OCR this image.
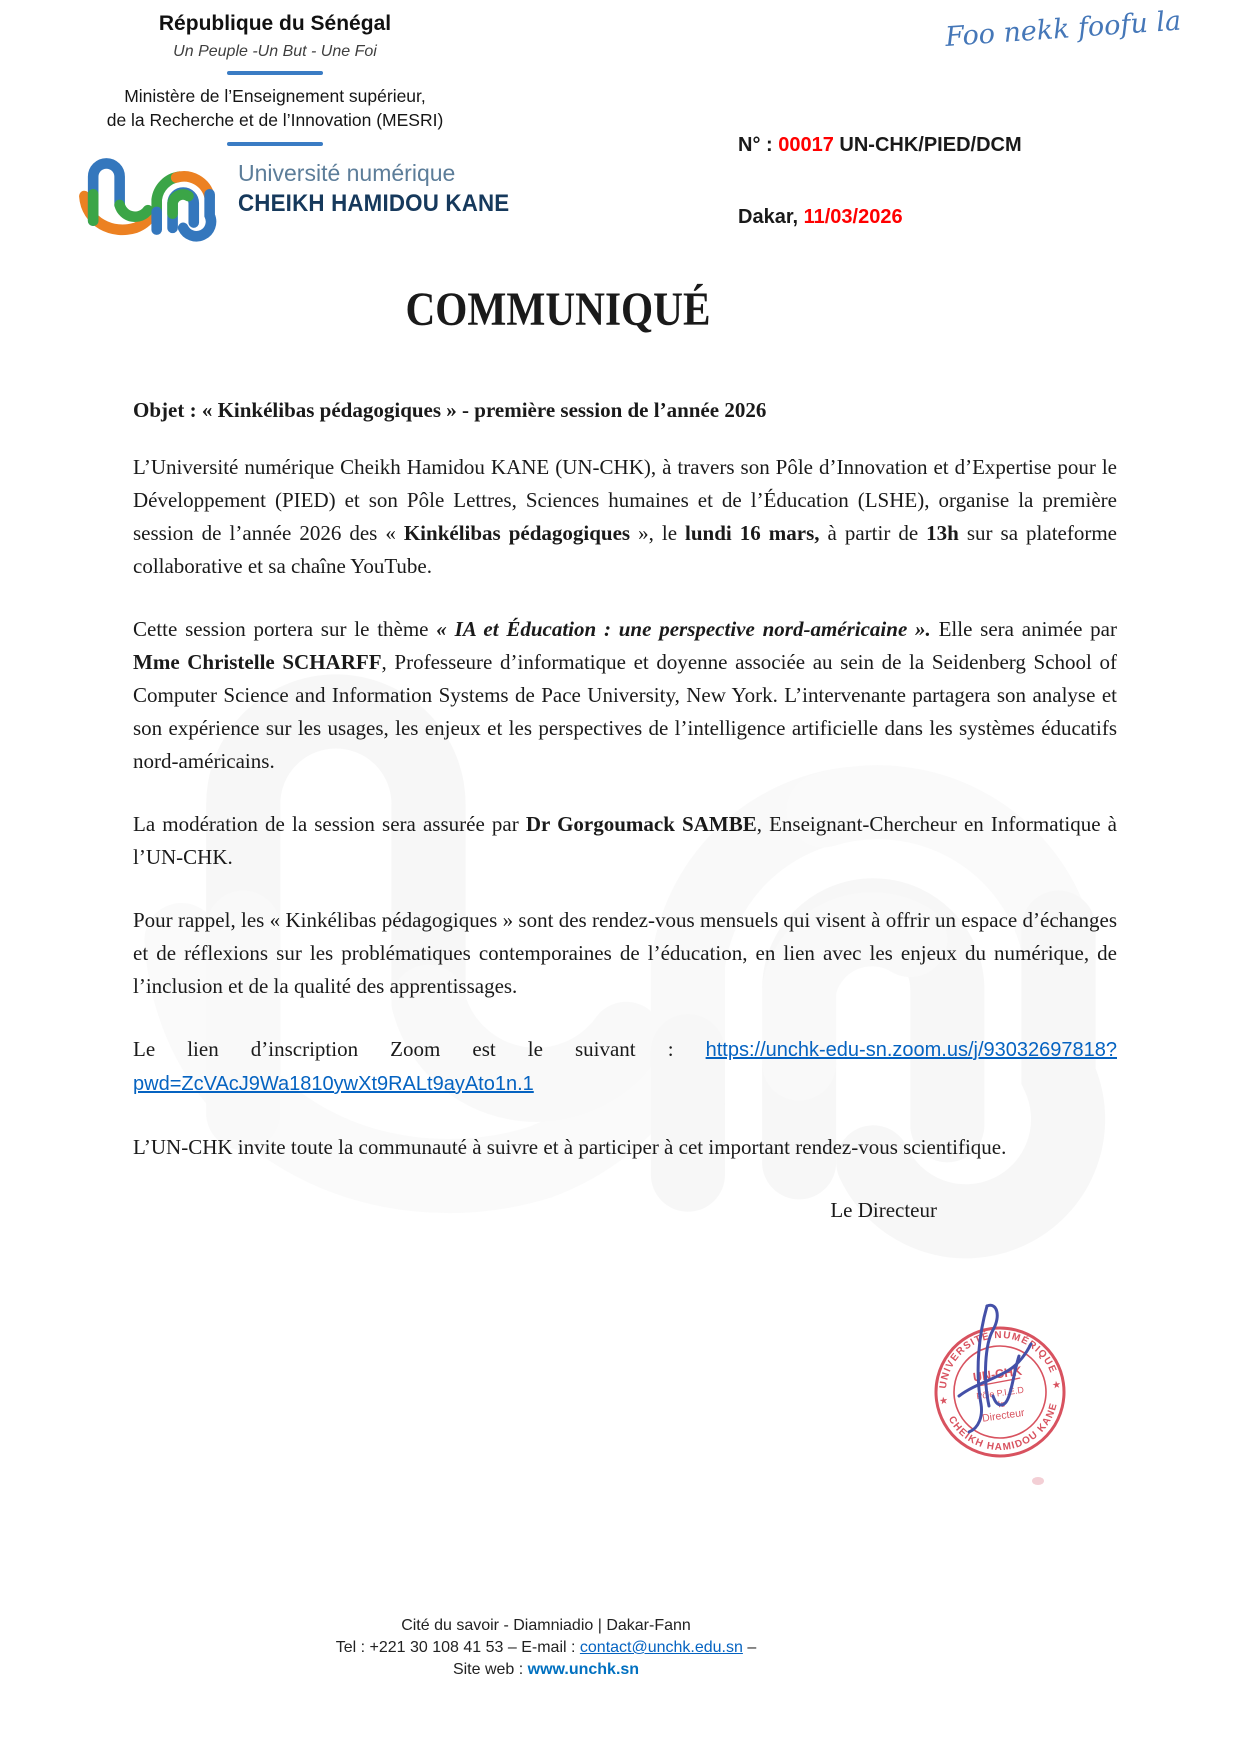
République du Sénégal
Un Peuple -Un But - Une Foi
Ministère de l’Enseignement supérieur,
de la Recherche et de l’Innovation (MESRI)
Université numérique
CHEIKH HAMIDOU KANE
Foo nekk foofu la
N° : 00017 UN-CHK/PIED/DCM
Dakar, 11/03/2026
COMMUNIQUÉ

Objet : « Kinkélibas pédagogiques » - première session de l’année 2026

L’Université numérique Cheikh Hamidou KANE (UN-CHK), à travers son Pôle d’Innovation et d’Expertise pour le Développement (PIED) et son Pôle Lettres, Sciences humaines et de l’Éducation (LSHE), organise la première session de l’année 2026 des « Kinkélibas pédagogiques », le lundi 16 mars, à partir de 13h sur sa plateforme collaborative et sa chaîne YouTube.

Cette session portera sur le thème « IA et Éducation : une perspective nord-américaine ». Elle sera animée par Mme Christelle SCHARFF, Professeure d’informatique et doyenne associée au sein de la Seidenberg School of Computer Science and Information Systems de Pace University, New York. L’intervenante partagera son analyse et son expérience sur les usages, les enjeux et les perspectives de l’intelligence artificielle dans les systèmes éducatifs nord-américains.

La modération de la session sera assurée par Dr Gorgoumack SAMBE, Enseignant-Chercheur en Informatique à l’UN-CHK.

Pour rappel, les « Kinkélibas pédagogiques » sont des rendez-vous mensuels qui visent à offrir un espace d’échanges et de réflexions sur les problématiques contemporaines de l’éducation, en lien avec les enjeux du numérique, de l’inclusion et de la qualité des apprentissages.

Le lien d’inscription Zoom est le suivant : https://unchk-edu-sn.zoom.us/j/93032697818?pwd=ZcVAcJ9Wa1810ywXt9RALt9ayAto1n.1

L’UN-CHK invite toute la communauté à suivre et à participer à cet important rendez-vous scientifique.

Le Directeur

UNIVERSITÉ NUMÉRIQUE
CHEIKH HAMIDOU KANE
★
★
UN-CHK
Pôle P.I.E.D
le
Directeur
Cité du savoir - Diamniadio | Dakar-Fann
Tel : +221 30 108 41 53 – E-mail : contact@unchk.edu.sn –
Site web : www.unchk.sn
